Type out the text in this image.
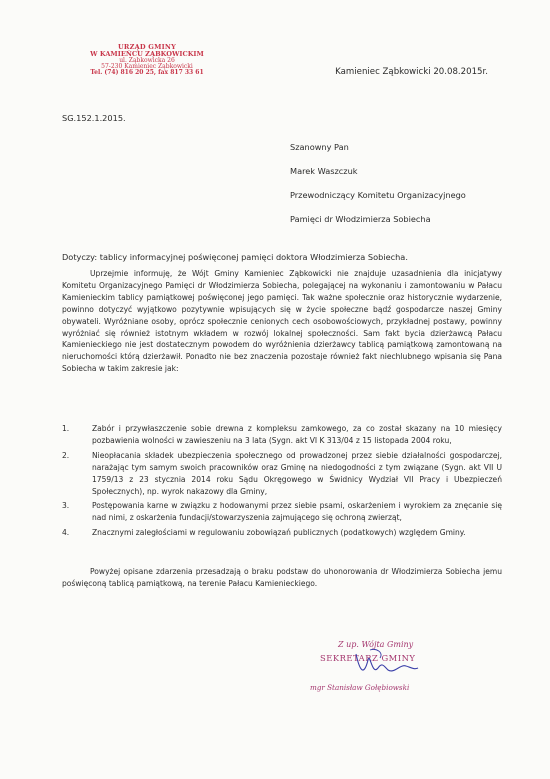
URZĄD GMINY
W KAMIEŃCU ZĄBKOWICKIM
ul. Ząbkowicka 26
57-230 Kamieniec Ząbkowicki
Tel. (74) 816 20 25, fax 817 33 61	Kamieniec Ząbkowicki 20.08.2015r.
SG.152.1.2015.
Szanowny Pan
Marek Waszczuk
Przewodniczący Komitetu Organizacyjnego
Pamięci dr Włodzimierza Sobiecha
Dotyczy: tablicy informacyjnej poświęconej pamięci doktora Włodzimierza Sobiecha.
Uprzejmie informuję, że Wójt Gminy Kamieniec Ząbkowicki nie znajduje uzasadnienia dla inicjatywy Komitetu Organizacyjnego Pamięci dr Włodzimierza Sobiecha, polegającej na wykonaniu i zamontowaniu w Pałacu Kamienieckim tablicy pamiątkowej poświęconej jego pamięci. Tak ważne społecznie oraz historycznie wydarzenie, powinno dotyczyć wyjątkowo pozytywnie wpisujących się w życie społeczne bądź gospodarcze naszej Gminy obywateli. Wyróżniane osoby, oprócz społecznie cenionych cech osobowościowych, przykładnej postawy, powinny wyróżniać się również istotnym wkładem w rozwój lokalnej społeczności. Sam fakt bycia dzierżawcą Pałacu Kamienieckiego nie jest dostatecznym powodem do wyróżnienia dzierżawcy tablicą pamiątkową zamontowaną na nieruchomości którą dzierżawił. Ponadto nie bez znaczenia pozostaje również fakt niechlubnego wpisania się Pana Sobiecha w takim zakresie jak:
1.	Zabór i przywłaszczenie sobie drewna z kompleksu zamkowego, za co został skazany na 10 miesięcy pozbawienia wolności w zawieszeniu na 3 lata (Sygn. akt VI K 313/04 z 15 listopada 2004 roku,
2.	Nieopłacania składek ubezpieczenia społecznego od prowadzonej przez siebie działalności gospodarczej, narażając tym samym swoich pracowników oraz Gminę na niedogodności z tym związane (Sygn. akt VII U 1759/13 z 23 stycznia 2014 roku Sądu Okręgowego w Świdnicy Wydział VII Pracy i Ubezpieczeń Społecznych), np. wyrok nakazowy dla Gminy,
3.	Postępowania karne w związku z hodowanymi przez siebie psami, oskarżeniem i wyrokiem za znęcanie się nad nimi, z oskarżenia fundacji/stowarzyszenia zajmującego się ochroną zwierząt,
4.	Znacznymi zaległościami w regulowaniu zobowiązań publicznych (podatkowych) względem Gminy.
Powyżej opisane zdarzenia przesadzają o braku podstaw do uhonorowania dr Włodzimierza Sobiecha jemu poświęconą tablicą pamiątkową, na terenie Pałacu Kamienieckiego.
Z up. Wójta Gminy
SEKRETARZ GMINY
mgr Stanisław Gołębiowski
